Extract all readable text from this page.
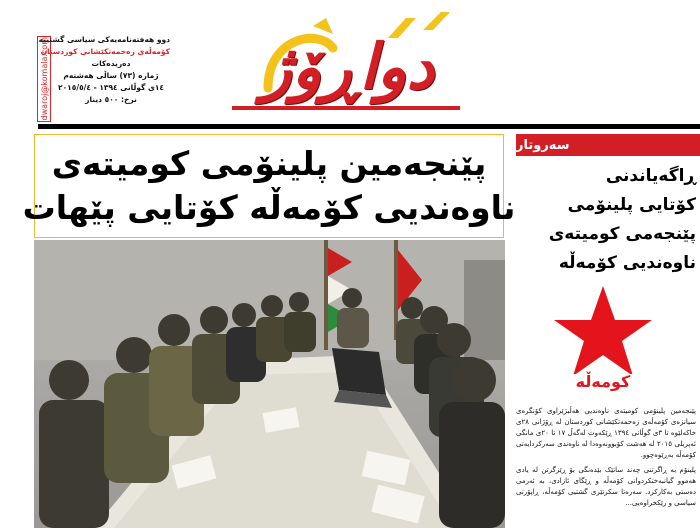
dwaroj@komala.com
دوو هەفتەنامەیەکی سیاسی گشتییە
کۆمەڵەی زەحمەتکێشانی کوردستان
دەریدەکات
ژمارە (٧٣) ساڵی هەشتەم
١٤ی گوڵانی ١٣٩٤ - ٢٠١٥/٥/٤
نرخ: ٥٠٠ دینار	دواڕۆژ
پێنجەمین پلینۆمی کومیتەی
ناوەندیی کۆمەڵە کۆتایی پێهات
سەروتار
ڕاگەیاندنی
کۆتایی پلینۆمی
پێنجەمی کومیتەی
ناوەندیی کۆمەڵە
کومەڵە

پێنجەمین پلینۆمی کومیتەی ناوەندیی هەڵبژێراوی کۆنگرەی سیانزەی کۆمەڵەی زەحمەتکێشانی کوردستان لە ڕۆژانی ٢٨ی خاکەلێوە تا ٣ی گوڵانی ١٣٩٤ ڕێکەوت لەگەڵ ١٧ تا ٢٠ی مانگی ئەپریلی ٢٠١٥ لە هەشت کۆبوونەوەدا لە ناوەندی سەرکردایەتی کۆمەڵە بەڕێوەچوو.

پلینۆم بە ڕاگرتنی چەند ساتێک بێدەنگی بۆ ڕێزگرتن لە یادی هەموو گیانبەختکردوانی کۆمەڵە و ڕێگای ئازادی، بە ئەرمی دەستی بەکارکرد. سەرەتا سکرتێری گشتیی کۆمەڵە، ڕاپۆرتی سیاسی و رێکخراوەیی...
